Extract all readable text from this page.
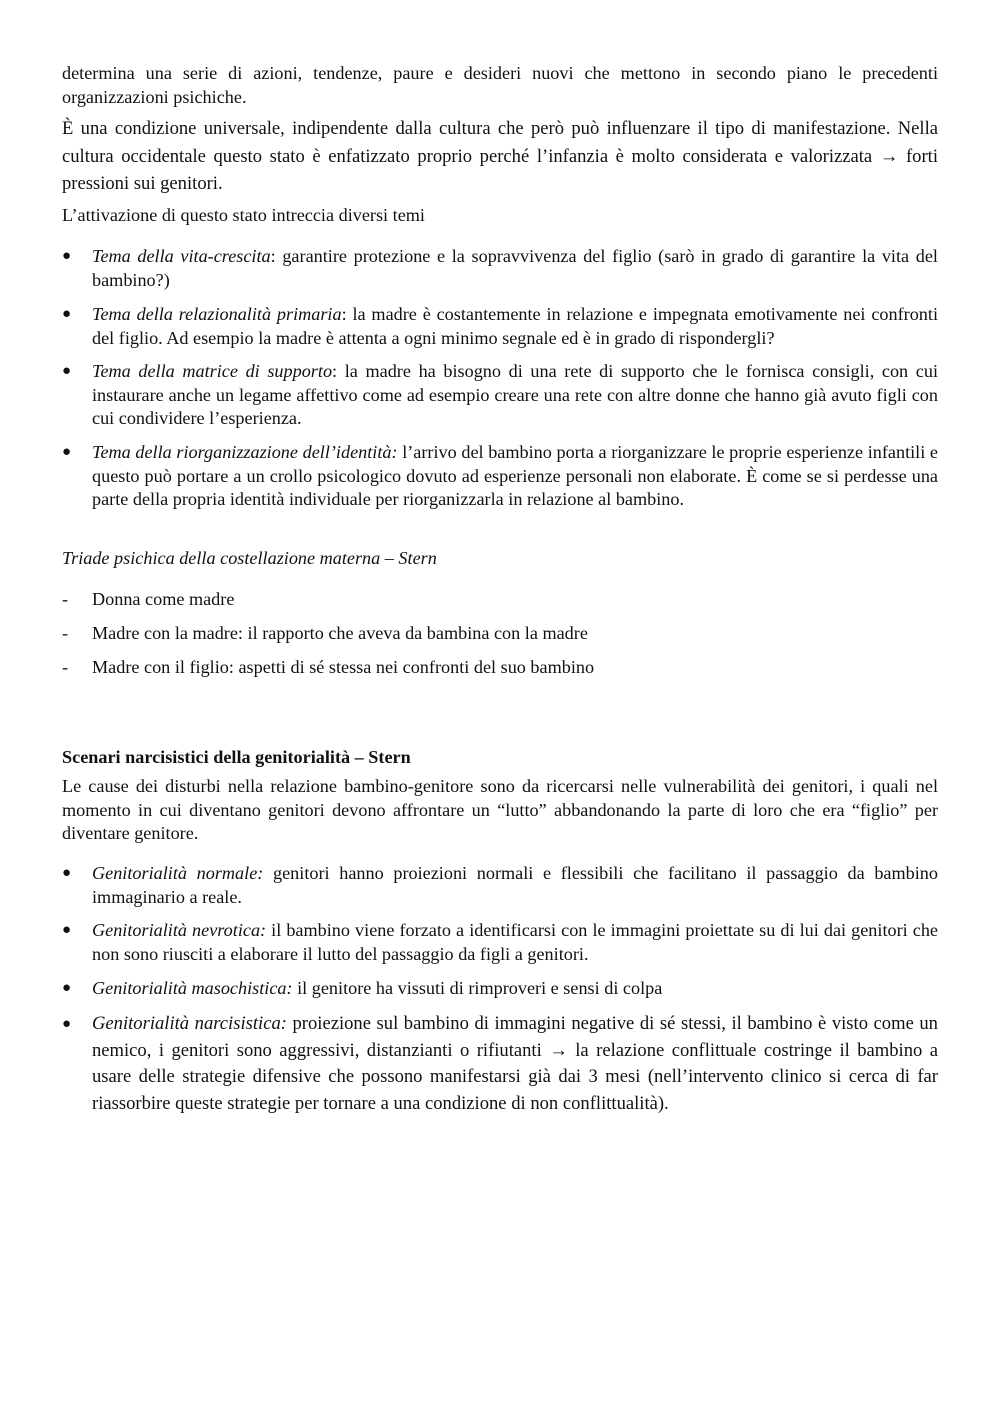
determina una serie di azioni, tendenze, paure e desideri nuovi che mettono in secondo piano le precedenti organizzazioni psichiche.

È una condizione universale, indipendente dalla cultura che però può influenzare il tipo di manifestazione. Nella cultura occidentale questo stato è enfatizzato proprio perché l’infanzia è molto considerata e valorizzata → forti pressioni sui genitori.

L’attivazione di questo stato intreccia diversi temi

● Tema della vita-crescita: garantire protezione e la sopravvivenza del figlio (sarò in grado di garantire la vita del bambino?)
● Tema della relazionalità primaria: la madre è costantemente in relazione e impegnata emotivamente nei confronti del figlio. Ad esempio la madre è attenta a ogni minimo segnale ed è in grado di rispondergli?
● Tema della matrice di supporto: la madre ha bisogno di una rete di supporto che le fornisca consigli, con cui instaurare anche un legame affettivo come ad esempio creare una rete con altre donne che hanno già avuto figli con cui condividere l’esperienza.
● Tema della riorganizzazione dell’identità: l’arrivo del bambino porta a riorganizzare le proprie esperienze infantili e questo può portare a un crollo psicologico dovuto ad esperienze personali non elaborate. È come se si perdesse una parte della propria identità individuale per riorganizzarla in relazione al bambino.

Triade psichica della costellazione materna – Stern

- Donna come madre
- Madre con la madre: il rapporto che aveva da bambina con la madre
- Madre con il figlio: aspetti di sé stessa nei confronti del suo bambino

Scenari narcisistici della genitorialità – Stern

Le cause dei disturbi nella relazione bambino-genitore sono da ricercarsi nelle vulnerabilità dei genitori, i quali nel momento in cui diventano genitori devono affrontare un “lutto” abbandonando la parte di loro che era “figlio” per diventare genitore.

● Genitorialità normale: genitori hanno proiezioni normali e flessibili che facilitano il passaggio da bambino immaginario a reale.
● Genitorialità nevrotica: il bambino viene forzato a identificarsi con le immagini proiettate su di lui dai genitori che non sono riusciti a elaborare il lutto del passaggio da figli a genitori.
● Genitorialità masochistica: il genitore ha vissuti di rimproveri e sensi di colpa
● Genitorialità narcisistica: proiezione sul bambino di immagini negative di sé stessi, il bambino è visto come un nemico, i genitori sono aggressivi, distanzianti o rifiutanti → la relazione conflittuale costringe il bambino a usare delle strategie difensive che possono manifestarsi già dai 3 mesi (nell’intervento clinico si cerca di far riassorbire queste strategie per tornare a una condizione di non conflittualità).
